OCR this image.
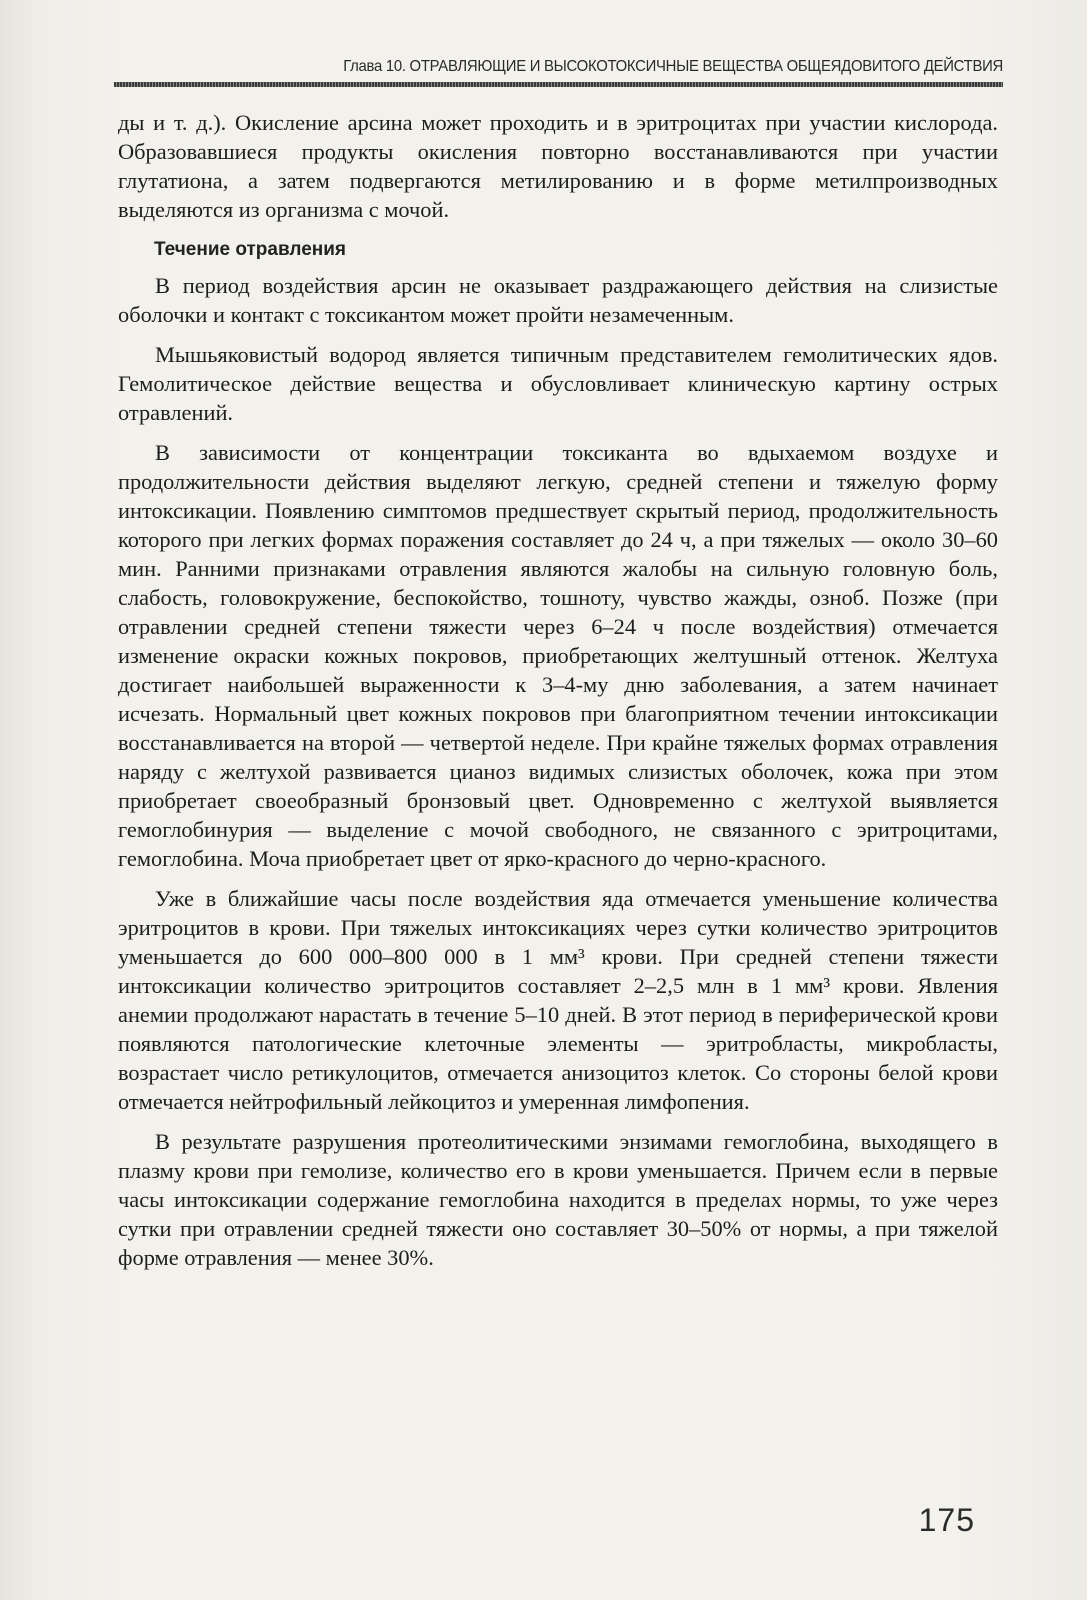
Глава 10. ОТРАВЛЯЮЩИЕ И ВЫСОКОТОКСИЧНЫЕ ВЕЩЕСТВА ОБЩЕЯДОВИТОГО ДЕЙСТВИЯ

ды и т. д.). Окисление арсина может проходить и в эритроцитах при участии кислорода. Образовавшиеся продукты окисления повторно восстанавливаются при участии глутатиона, а затем подвергаются метилированию и в форме метилпроизводных выделяются из организма с мочой.

Течение отравления

В период воздействия арсин не оказывает раздражающего действия на слизистые оболочки и контакт с токсикантом может пройти незамеченным.

Мышьяковистый водород является типичным представителем гемолитических ядов. Гемолитическое действие вещества и обусловливает клиническую картину острых отравлений.

В зависимости от концентрации токсиканта во вдыхаемом воздухе и продолжительности действия выделяют легкую, средней степени и тяжелую форму интоксикации. Появлению симптомов предшествует скрытый период, продолжительность которого при легких формах поражения составляет до 24 ч, а при тяжелых — около 30–60 мин. Ранними признаками отравления являются жалобы на сильную головную боль, слабость, головокружение, беспокойство, тошноту, чувство жажды, озноб. Позже (при отравлении средней степени тяжести через 6–24 ч после воздействия) отмечается изменение окраски кожных покровов, приобретающих желтушный оттенок. Желтуха достигает наибольшей выраженности к 3–4-му дню заболевания, а затем начинает исчезать. Нормальный цвет кожных покровов при благоприятном течении интоксикации восстанавливается на второй — четвертой неделе. При крайне тяжелых формах отравления наряду с желтухой развивается цианоз видимых слизистых оболочек, кожа при этом приобретает своеобразный бронзовый цвет. Одновременно с желтухой выявляется гемоглобинурия — выделение с мочой свободного, не связанного с эритроцитами, гемоглобина. Моча приобретает цвет от ярко-красного до черно-красного.

Уже в ближайшие часы после воздействия яда отмечается уменьшение количества эритроцитов в крови. При тяжелых интоксикациях через сутки количество эритроцитов уменьшается до 600 000–800 000 в 1 мм³ крови. При средней степени тяжести интоксикации количество эритроцитов составляет 2–2,5 млн в 1 мм³ крови. Явления анемии продолжают нарастать в течение 5–10 дней. В этот период в периферической крови появляются патологические клеточные элементы — эритробласты, микробласты, возрастает число ретикулоцитов, отмечается анизоцитоз клеток. Со стороны белой крови отмечается нейтрофильный лейкоцитоз и умеренная лимфопения.

В результате разрушения протеолитическими энзимами гемоглобина, выходящего в плазму крови при гемолизе, количество его в крови уменьшается. Причем если в первые часы интоксикации содержание гемоглобина находится в пределах нормы, то уже через сутки при отравлении средней тяжести оно составляет 30–50% от нормы, а при тяжелой форме отравления — менее 30%.

175
